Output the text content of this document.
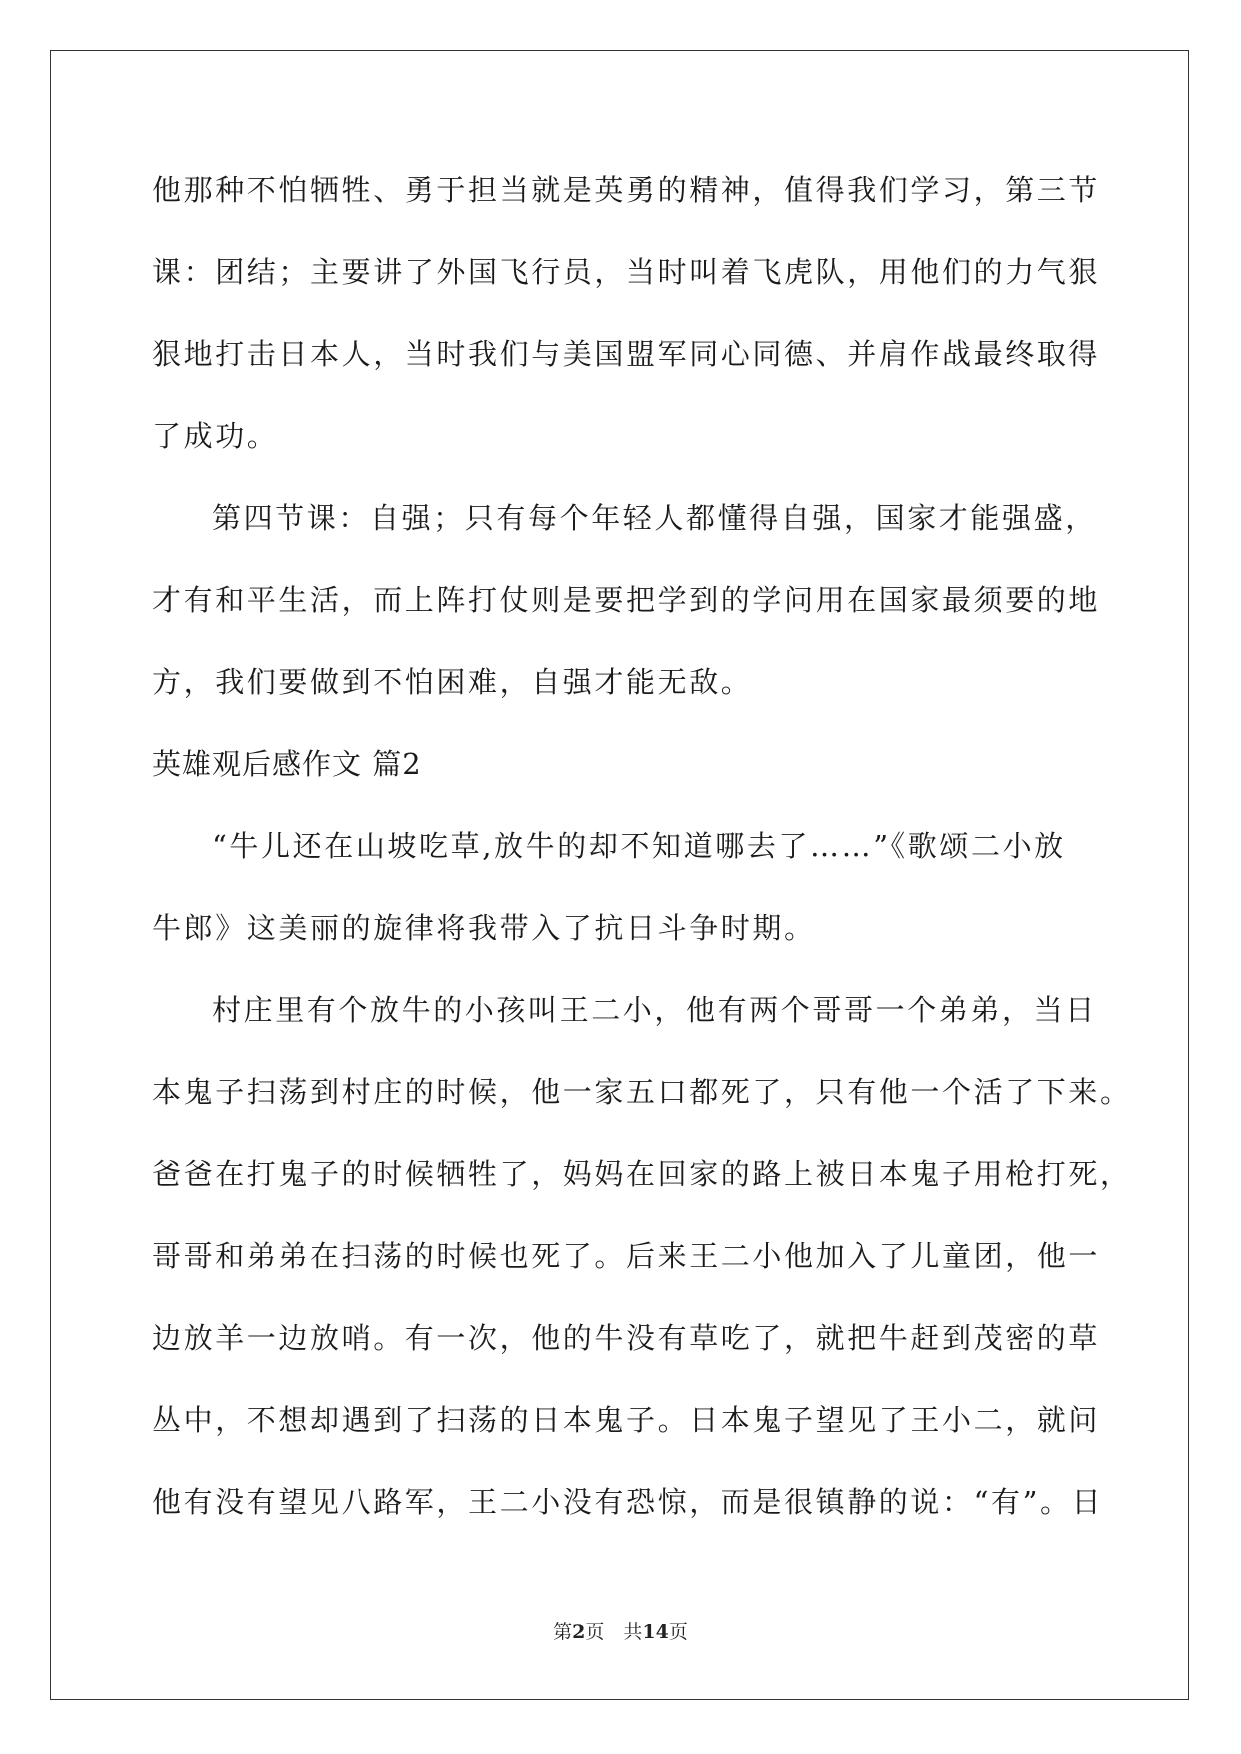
他那种不怕牺牲、勇于担当就是英勇的精神，值得我们学习，第三节
课：团结；主要讲了外国飞行员，当时叫着飞虎队，用他们的力气狠
狠地打击日本人，当时我们与美国盟军同心同德、并肩作战最终取得
了成功。
第四节课：自强；只有每个年轻人都懂得自强，国家才能强盛，
才有和平生活，而上阵打仗则是要把学到的学问用在国家最须要的地
方，我们要做到不怕困难，自强才能无敌。
英雄观后感作文 篇2
“牛儿还在山坡吃草,放牛的却不知道哪去了……”《歌颂二小放
牛郎》这美丽的旋律将我带入了抗日斗争时期。
村庄里有个放牛的小孩叫王二小，他有两个哥哥一个弟弟，当日
本鬼子扫荡到村庄的时候，他一家五口都死了，只有他一个活了下来。
爸爸在打鬼子的时候牺牲了，妈妈在回家的路上被日本鬼子用枪打死，
哥哥和弟弟在扫荡的时候也死了。后来王二小他加入了儿童团，他一
边放羊一边放哨。有一次，他的牛没有草吃了，就把牛赶到茂密的草
丛中，不想却遇到了扫荡的日本鬼子。日本鬼子望见了王小二，就问
他有没有望见八路军，王二小没有恐惊，而是很镇静的说：“有”。日
第2页　共14页
